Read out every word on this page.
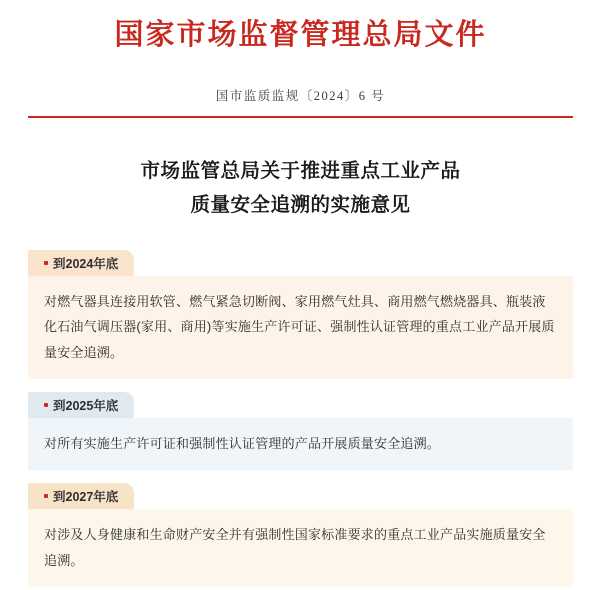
国家市场监督管理总局文件
国市监质监规〔2024〕6 号
市场监管总局关于推进重点工业产品
质量安全追溯的实施意见
到2024年底
对燃气器具连接用软管、燃气紧急切断阀、家用燃气灶具、商用燃气燃烧器具、瓶装液化石油气调压器(家用、商用)等实施生产许可证、强制性认证管理的重点工业产品开展质量安全追溯。
到2025年底
对所有实施生产许可证和强制性认证管理的产品开展质量安全追溯。
到2027年底
对涉及人身健康和生命财产安全并有强制性国家标准要求的重点工业产品实施质量安全追溯。
